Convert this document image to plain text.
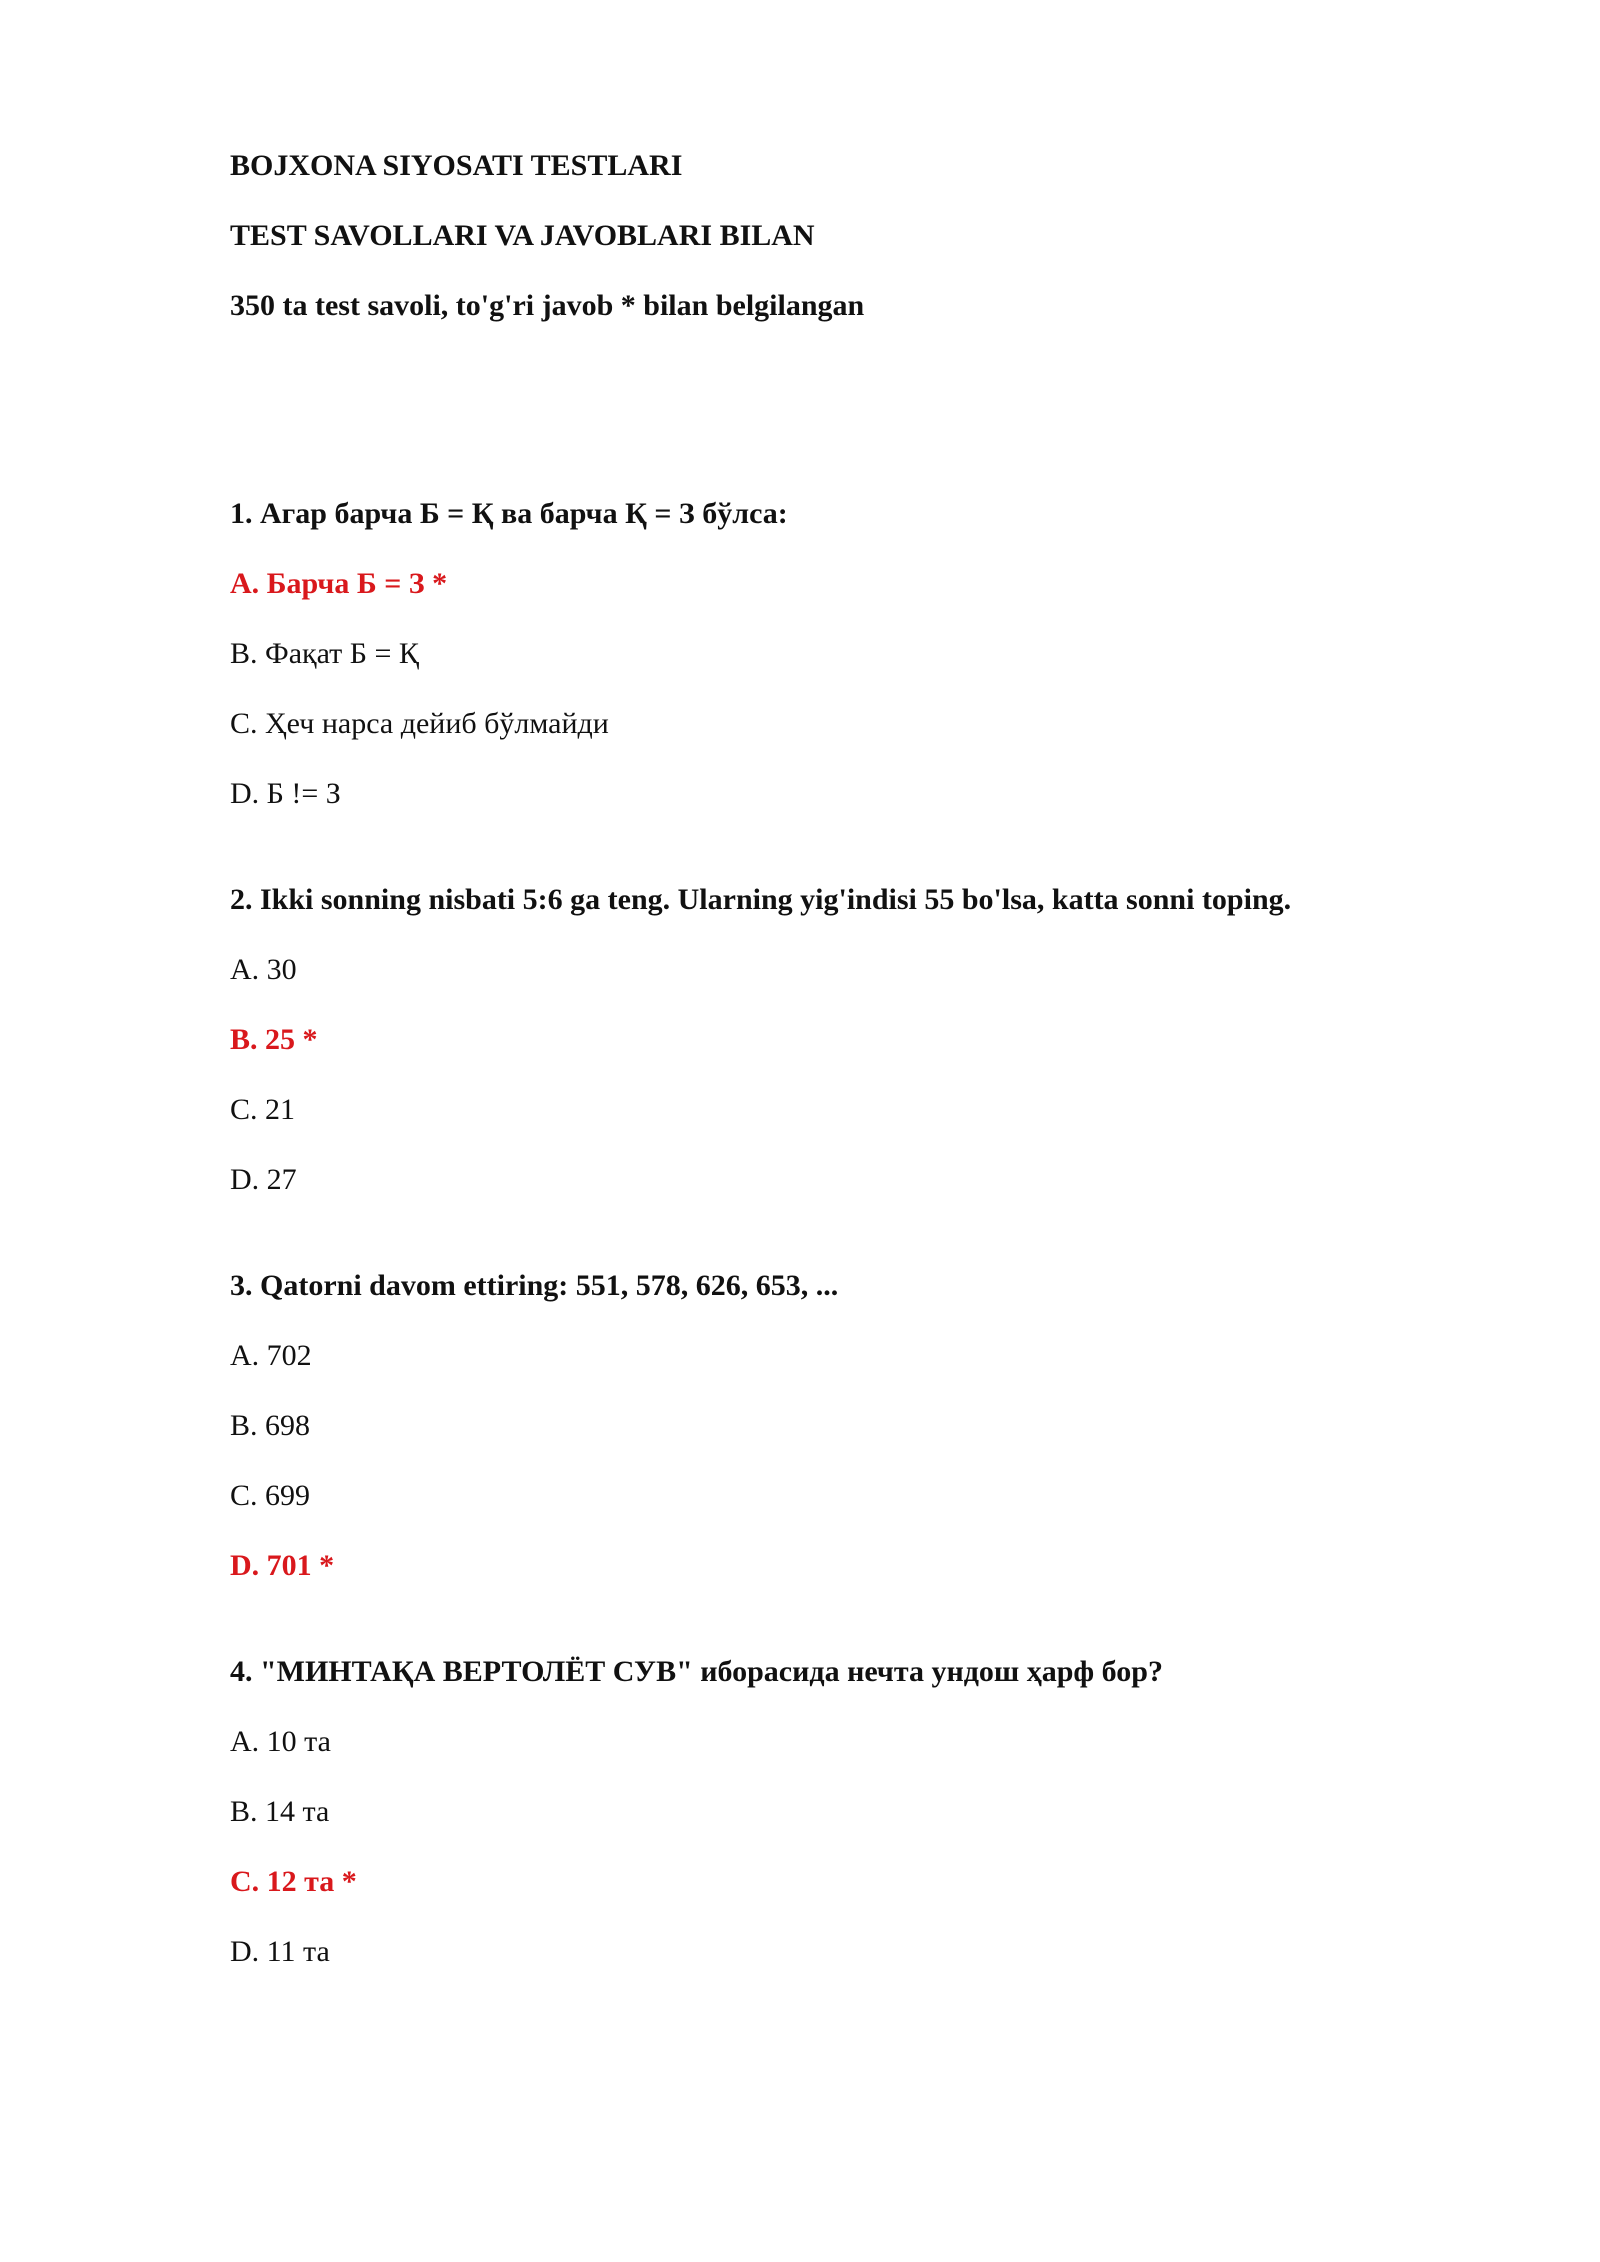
BOJXONA SIYOSATI TESTLARI
TEST SAVOLLARI VA JAVOBLARI BILAN
350 ta test savoli, to'g'ri javob * bilan belgilangan
1. Агар барча Б = Қ ва барча Қ = З бўлса:
A. Барча Б = З *
B. Фақат Б = Қ
C. Ҳеч нарса дейиб бўлмайди
D. Б != З
2. Ikki sonning nisbati 5:6 ga teng. Ularning yig'indisi 55 bo'lsa, katta sonni toping.
A. 30
B. 25 *
C. 21
D. 27
3. Qatorni davom ettiring: 551, 578, 626, 653, ...
A. 702
B. 698
C. 699
D. 701 *
4. "МИНТАҚА ВЕРТОЛЁТ СУВ" иборасида нечта ундош ҳарф бор?
A. 10 та
B. 14 та
C. 12 та *
D. 11 та
